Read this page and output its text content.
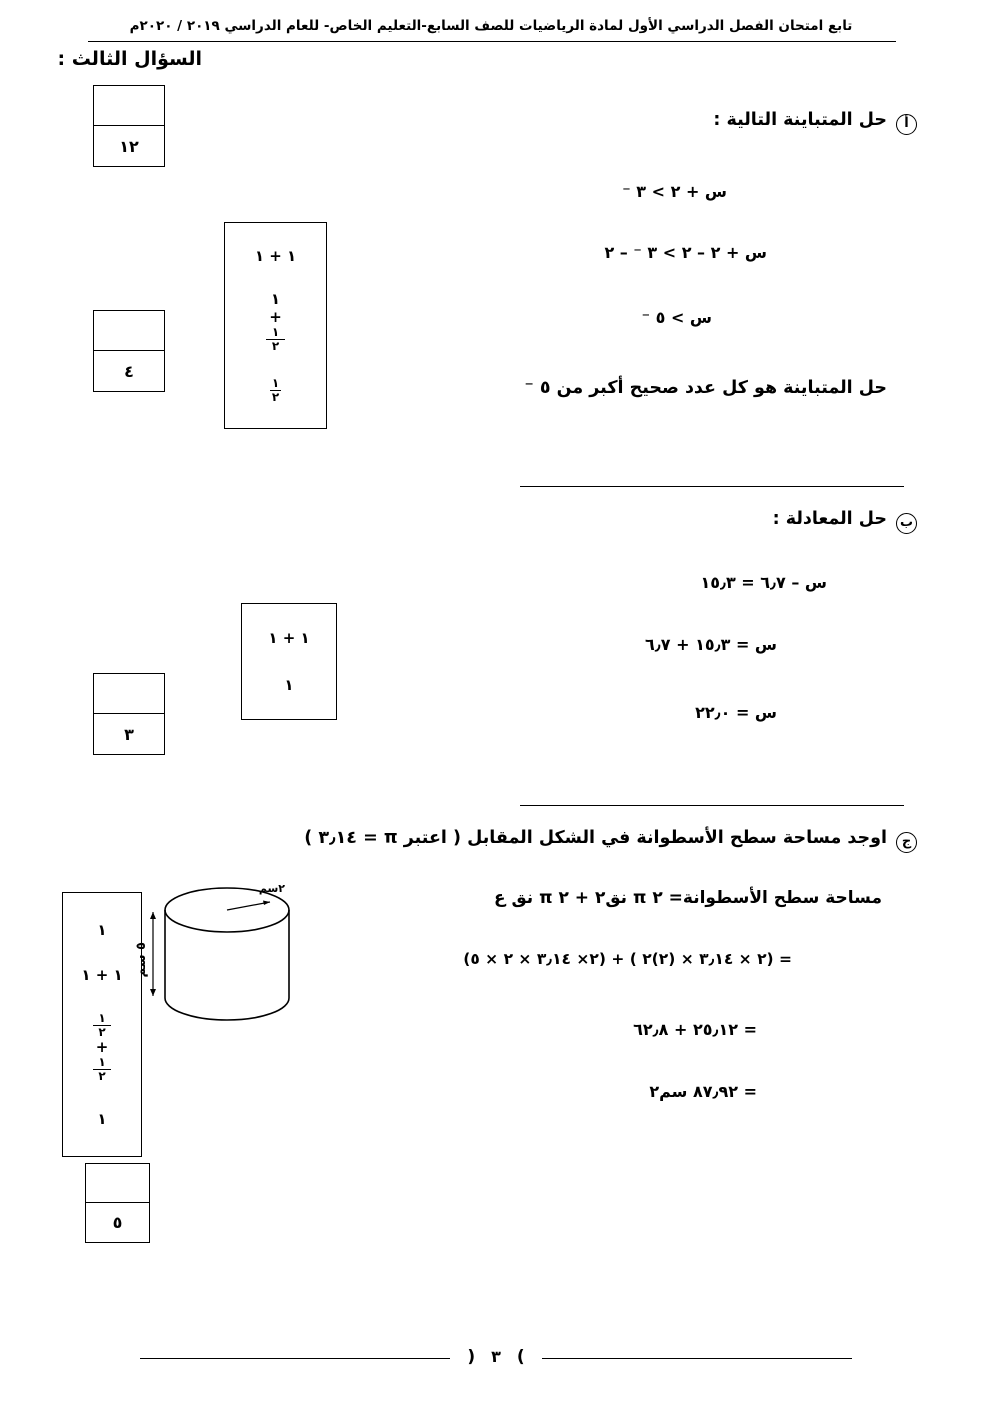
تابع امتحان الفصل الدراسي الأول لمادة الرياضيات للصف السابع-التعليم الخاص- للعام الدراسي ٢٠١٩ / ٢٠٢٠م
السؤال الثالث :
١٢
أ
حل المتباينة التالية :
س + ٢ > ٣ ⁻
س + ٢ – ٢ > ٣ ⁻ – ٢
س > ٥ ⁻
حل المتباينة هو كل عدد صحيح أكبر من ٥ ⁻
١ + ١
١
+
١
٢
١
٢
٤
ب
حل المعادلة :
س – ٦٫٧ = ١٥٫٣
س = ١٥٫٣ + ٦٫٧
س = ٢٢٫٠
١ + ١
١
٣
ج
اوجد مساحة سطح الأسطوانة في الشكل المقابل ( اعتبر π = ٣٫١٤ )
مساحة سطح الأسطوانة= ٢ π نق٢ + ٢ π نق ع
= (٢ × ٣٫١٤ × (٢)٢ ) + (٢× ٣٫١٤ × ٢ × ٥)
= ٢٥٫١٢ + ٦٢٫٨
= ٨٧٫٩٢ سم٢
٢سم
٥ سم
١
١ + ١
١
٢
+
١
٢
١
٥
)٣(
